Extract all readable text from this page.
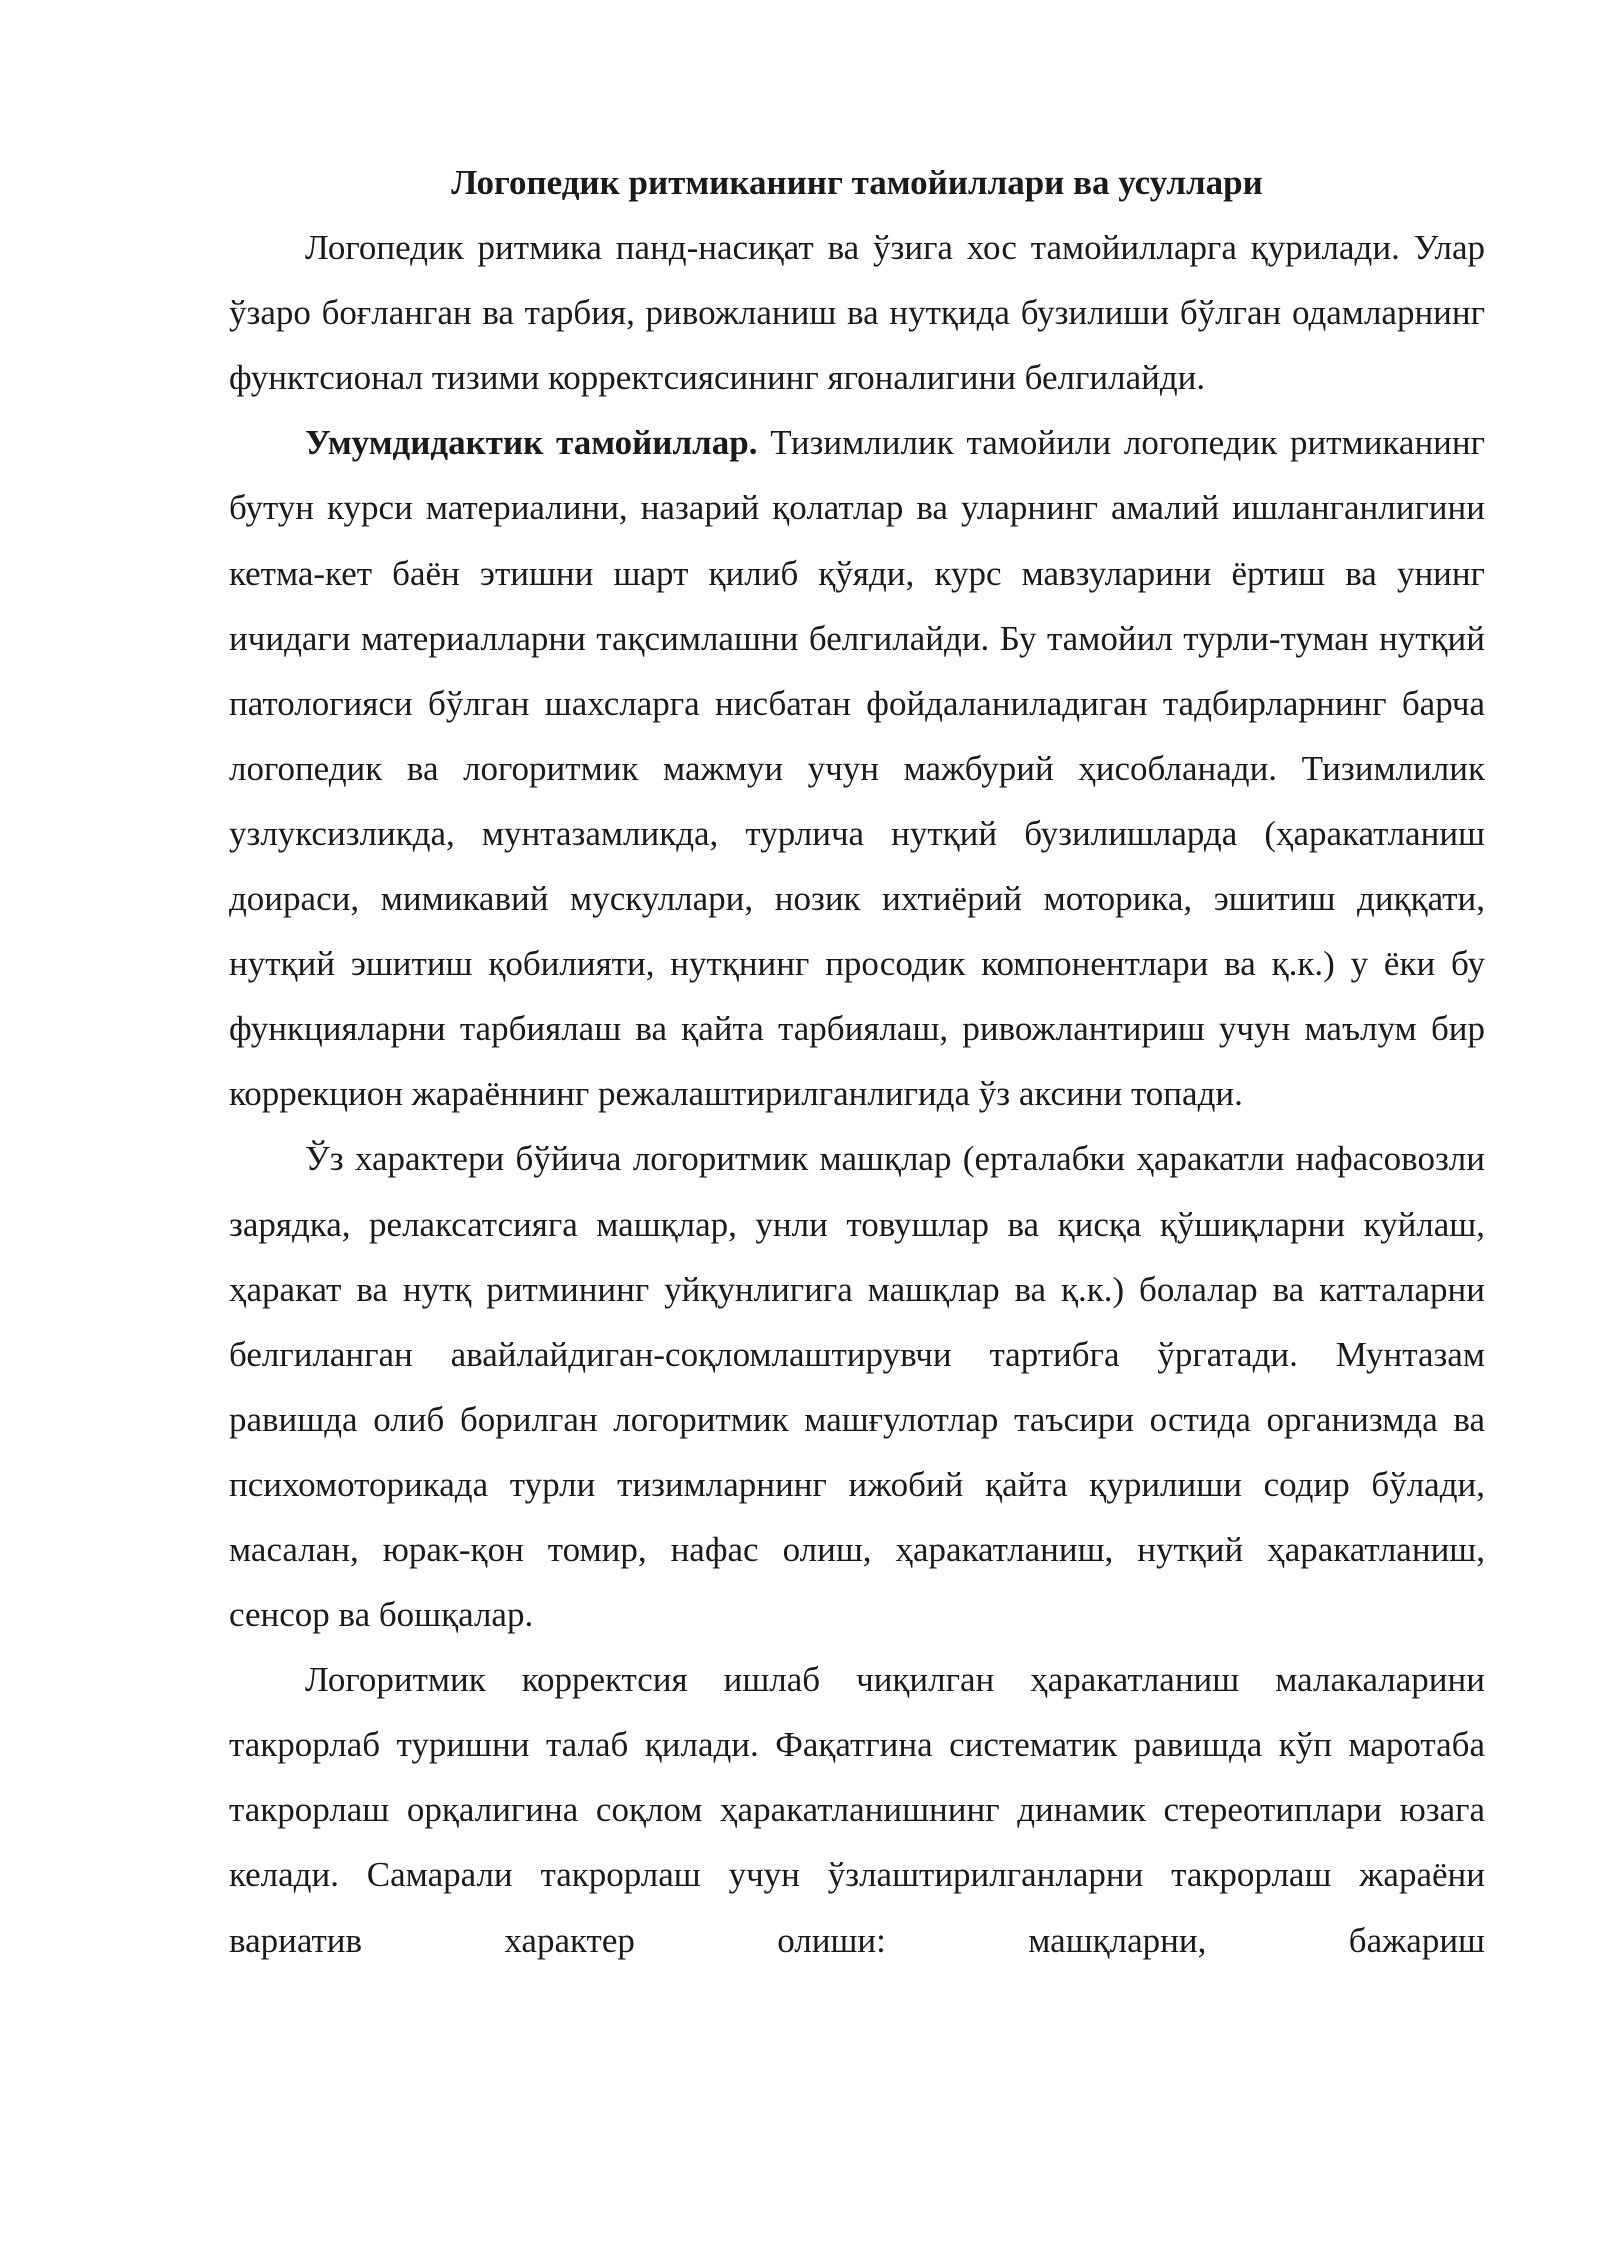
Логопедик ритмиканинг тамойиллари ва усуллари

Логопедик ритмика панд-насиқат ва ўзига хос тамойилларга қурилади. Улар ўзаро боғланган ва тарбия, ривожланиш ва нутқида бузилиши бўлган одамларнинг функтсионал тизими корректсиясининг ягоналигини белгилайди.

Умумдидактик тамойиллар. Тизимлилик тамойили логопедик ритмиканинг бутун курси материалини, назарий қолатлар ва уларнинг амалий ишланганлигини кетма-кет баён этишни шарт қилиб қўяди, курс мавзуларини ёртиш ва унинг ичидаги материалларни тақсимлашни белгилайди. Бу тамойил турли-туман нутқий патологияси бўлган шахсларга нисбатан фойдаланиладиган тадбирларнинг барча логопедик ва логоритмик мажмуи учун мажбурий ҳисобланади. Тизимлилик узлуксизликда, мунтазамликда, турлича нутқий бузилишларда (ҳаракатланиш доираси, мимикавий мускуллари, нозик ихтиёрий моторика, эшитиш диққати, нутқий эшитиш қобилияти, нутқнинг просодик компонентлари ва қ.к.) у ёки бу функцияларни тарбиялаш ва қайта тарбиялаш, ривожлантириш учун маълум бир коррекцион жараённинг режалаштирилганлигида ўз аксини топади.

Ўз характери бўйича логоритмик машқлар (ерталабки ҳаракатли нафасовозли зарядка, релаксатсияга машқлар, унли товушлар ва қисқа қўшиқларни куйлаш, ҳаракат ва нутқ ритмининг уйқунлигига машқлар ва қ.к.) болалар ва катталарни белгиланган авайлайдиган-соқломлаштирувчи тартибга ўргатади. Мунтазам равишда олиб борилган логоритмик машғулотлар таъсири остида организмда ва психомоторикада турли тизимларнинг ижобий қайта қурилиши содир бўлади, масалан, юрак-қон томир, нафас олиш, ҳаракатланиш, нутқий ҳаракатланиш, сенсор ва бошқалар.

Логоритмик корректсия ишлаб чиқилган ҳаракатланиш малакаларини такрорлаб туришни талаб қилади. Фақатгина систематик равишда кўп маротаба такрорлаш орқалигина соқлом ҳаракатланишнинг динамик стереотиплари юзага келади. Самарали такрорлаш учун ўзлаштирилганларни такрорлаш жараёни вариатив характер олиши: машқларни, бажариш
